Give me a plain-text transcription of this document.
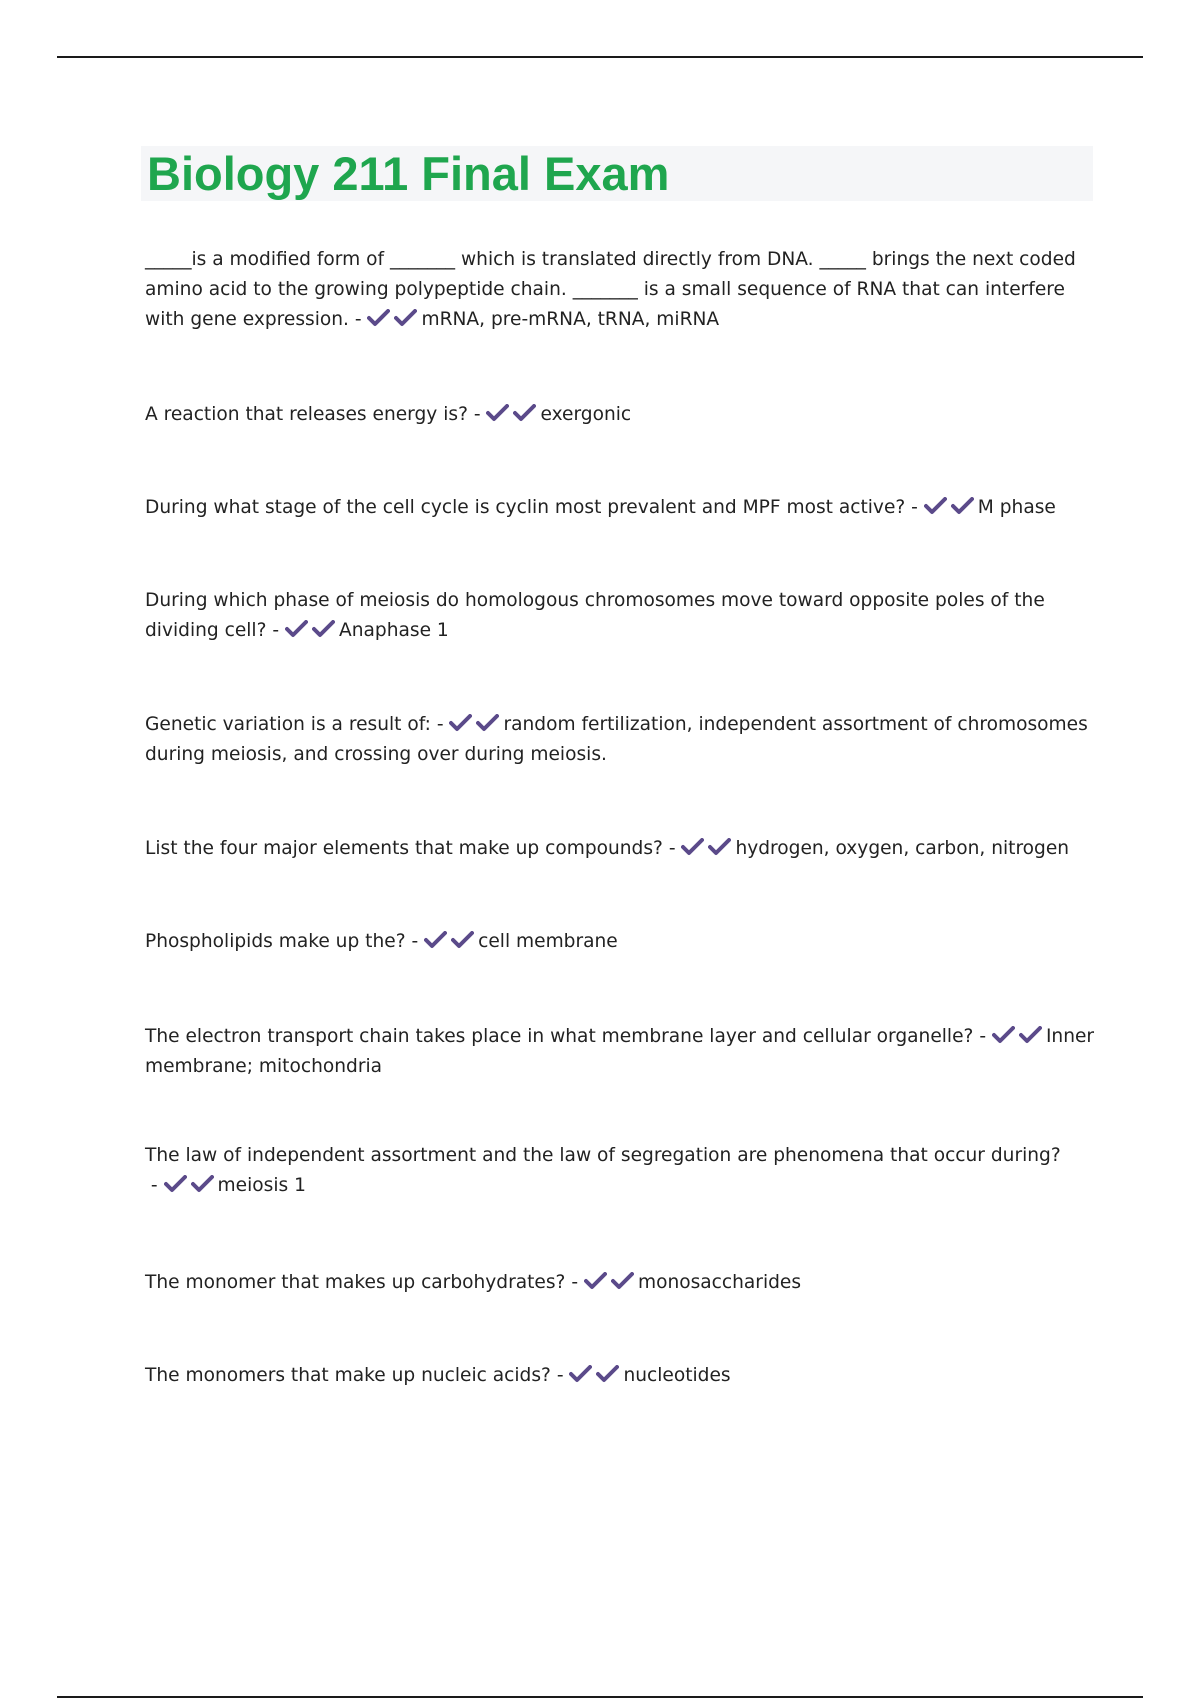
Biology 211 Final Exam

_____is a modified form of _______ which is translated directly from DNA. _____ brings the next coded amino acid to the growing polypeptide chain. _______ is a small sequence of RNA that can interfere with gene expression. -	mRNA, pre-mRNA, tRNA, miRNA

A reaction that releases energy is? -	exergonic

During what stage of the cell cycle is cyclin most prevalent and MPF most active? -	M phase

During which phase of meiosis do homologous chromosomes move toward opposite poles of the dividing cell? -	Anaphase 1

Genetic variation is a result of: -	random fertilization, independent assortment of chromosomes during meiosis, and crossing over during meiosis.

List the four major elements that make up compounds? -	hydrogen, oxygen, carbon, nitrogen

Phospholipids make up the? -	cell membrane

The electron transport chain takes place in what membrane layer and cellular organelle? -	Inner membrane; mitochondria

The law of independent assortment and the law of segregation are phenomena that occur during? -	meiosis 1

The monomer that makes up carbohydrates? -	monosaccharides

The monomers that make up nucleic acids? -	nucleotides
